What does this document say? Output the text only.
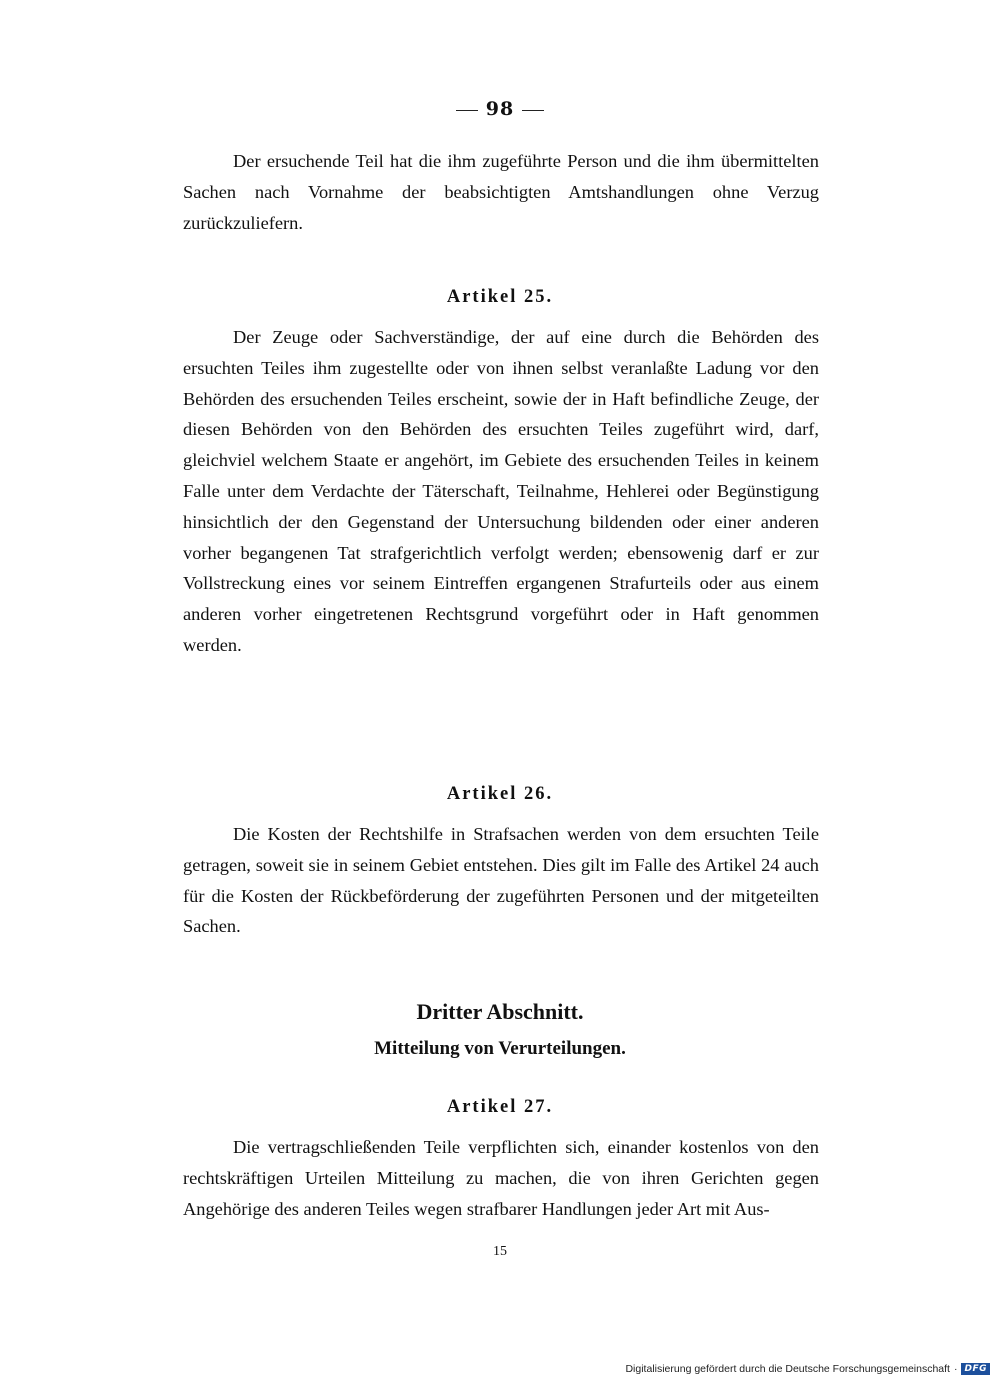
98

Der ersuchende Teil hat die ihm zugeführte Person und die ihm übermittelten Sachen nach Vornahme der beabsichtigten Amtshandlungen ohne Verzug zurückzuliefern.

Artikel 25.

Der Zeuge oder Sachverständige, der auf eine durch die Behörden des ersuchten Teiles ihm zugestellte oder von ihnen selbst veranlaßte Ladung vor den Behörden des ersuchenden Teiles erscheint, sowie der in Haft befindliche Zeuge, der diesen Behörden von den Behörden des ersuchten Teiles zugeführt wird, darf, gleichviel welchem Staate er angehört, im Gebiete des ersuchenden Teiles in keinem Falle unter dem Verdachte der Täterschaft, Teilnahme, Hehlerei oder Begünstigung hinsichtlich der den Gegenstand der Untersuchung bildenden oder einer anderen vorher begangenen Tat strafgerichtlich verfolgt werden; ebensowenig darf er zur Vollstreckung eines vor seinem Eintreffen ergangenen Strafurteils oder aus einem anderen vorher eingetretenen Rechtsgrund vorgeführt oder in Haft genommen werden.

Artikel 26.

Die Kosten der Rechtshilfe in Strafsachen werden von dem ersuchten Teile getragen, soweit sie in seinem Gebiet entstehen. Dies gilt im Falle des Artikel 24 auch für die Kosten der Rückbeförderung der zugeführten Personen und der mitgeteilten Sachen.

Dritter Abschnitt.
Mitteilung von Verurteilungen.
Artikel 27.

Die vertragschließenden Teile verpflichten sich, einander kostenlos von den rechtskräftigen Urteilen Mitteilung zu machen, die von ihren Gerichten gegen Angehörige des anderen Teiles wegen strafbarer Handlungen jeder Art mit Aus-

15
Digitalisierung gefördert durch die Deutsche Forschungsgemeinschaft · DFG
